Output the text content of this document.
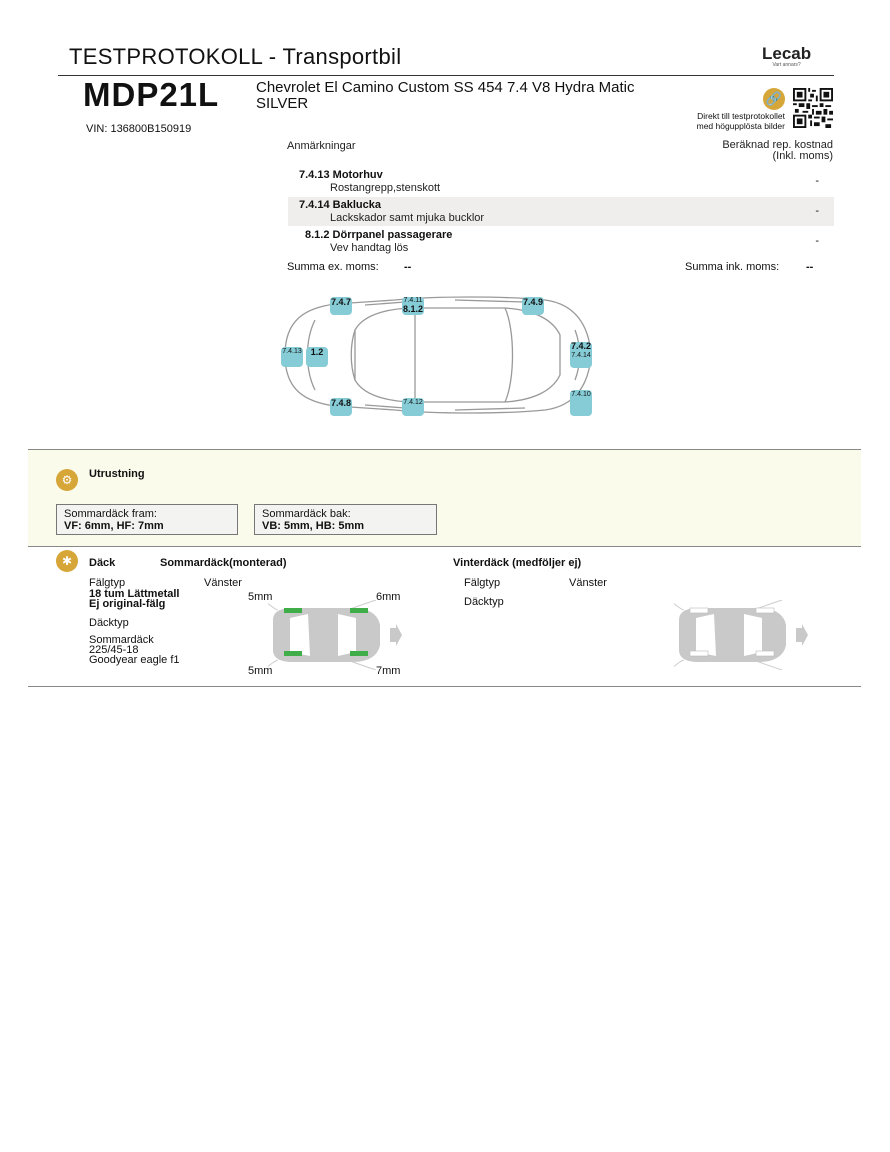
TESTPROTOKOLL - Transportbil	Lecab
Vart annars?
MDP21L Chevrolet El Camino Custom SS 454 7.4 V8 Hydra Matic SILVER
VIN: 136800B150919
🔗
Direkt till testprotokollet
med högupplösta bilder
Anmärkningar	Beräknad rep. kostnad
(Inkl. moms)
7.4.13 Motorhuv
Rostangrepp,stenskott
-
7.4.14 Baklucka
Lackskador samt mjuka bucklor
-
8.1.2 Dörrpanel passagerare
Vev handtag lös
-
Summa ex. moms: --	Summa ink. moms: --
7.4.7	7.4.11
8.1.2
7.4.9
7.4.13	1.2
7.4.2
7.4.14
7.4.8	7.4.12
7.4.10
⚙	Utrustning
Sommardäck fram:
VF: 6mm, HF: 7mm
Sommardäck bak:
VB: 5mm, HB: 5mm
✱	Däck	Sommardäck(monterad)	Vinterdäck (medföljer ej)
Fälgtyp	Vänster
18 tum Lättmetall
Ej original-fälg
Däcktyp
Sommardäck
225/45-18
Goodyear eagle f1
5mm	6mm
5mm	7mm
Fälgtyp	Vänster
Däcktyp
